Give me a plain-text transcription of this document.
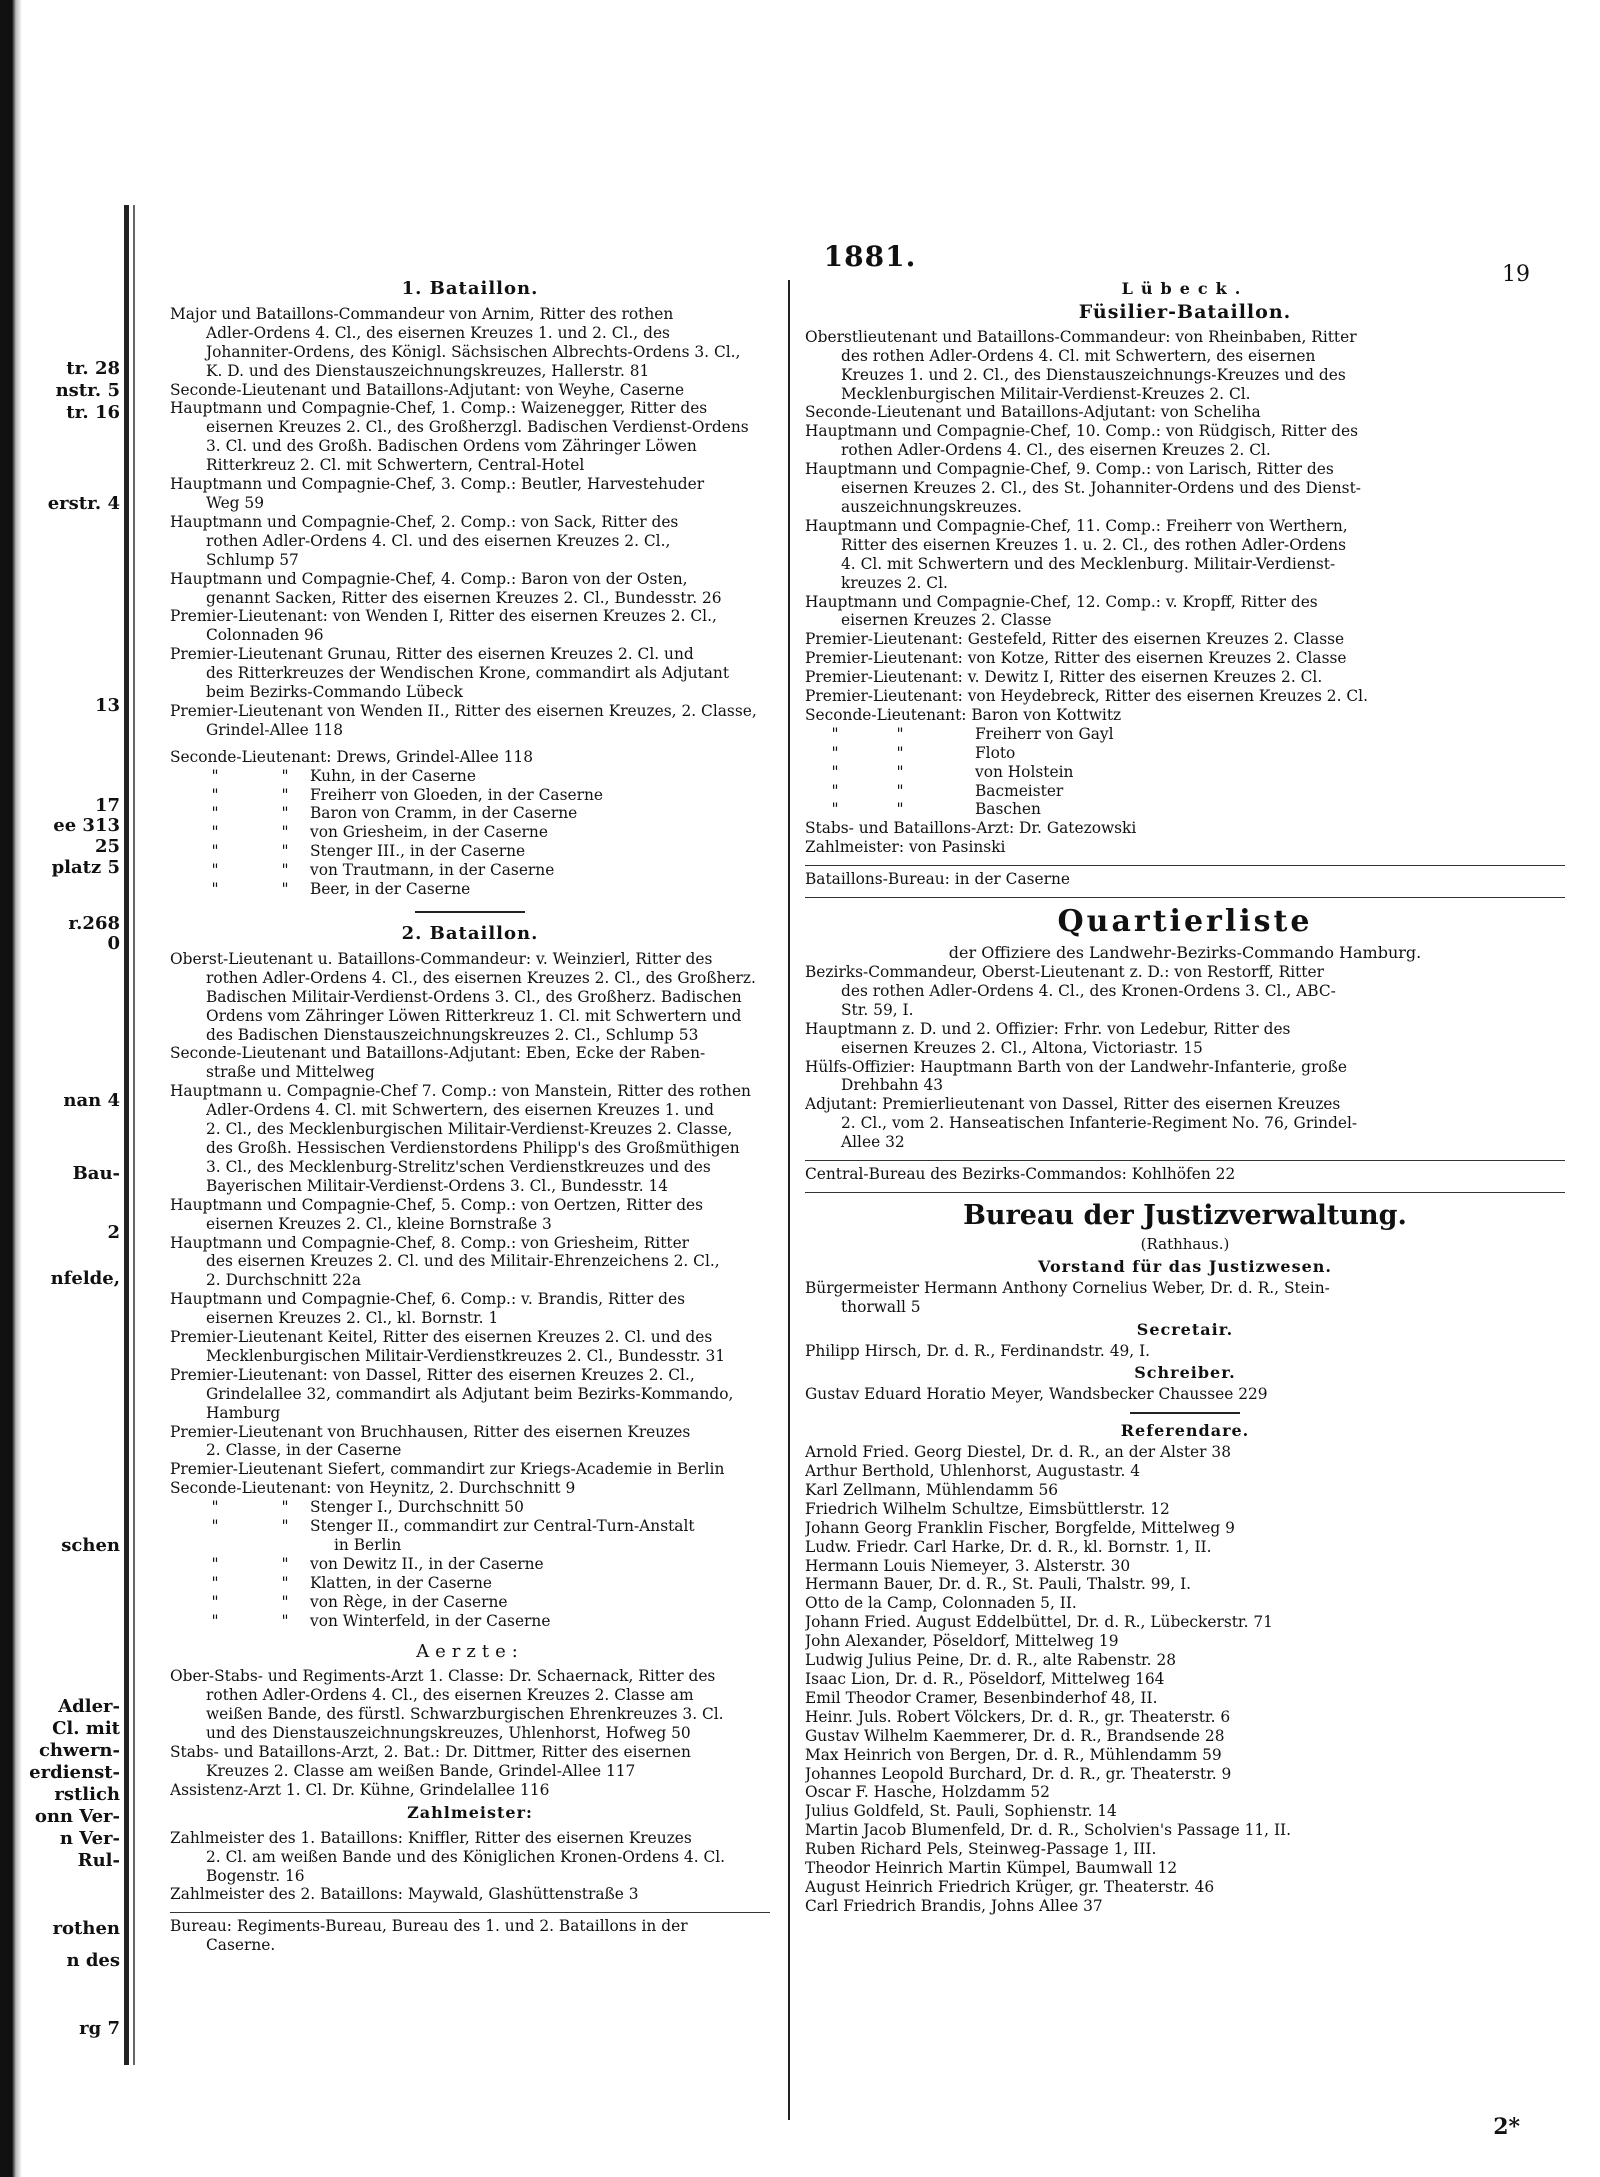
tr. 28
nstr. 5
tr. 16
erstr. 4
13
17
ee 313
25
platz 5
r.268
0
nan 4
Bau-
2
nfelde,
schen
Adler-
Cl. mit
chwern-
erdienst-
rstlich
onn Ver-
n Ver-
Rul-
rothen
n des
rg 7
1881.
19
1. Bataillon.
Major und Bataillons-Commandeur von Arnim, Ritter des rothen
Adler-Ordens 4. Cl., des eisernen Kreuzes 1. und 2. Cl., des
Johanniter-Ordens, des Königl. Sächsischen Albrechts-Ordens 3. Cl.,
K. D. und des Dienstauszeichnungskreuzes, Hallerstr. 81
Seconde-Lieutenant und Bataillons-Adjutant: von Weyhe, Caserne
Hauptmann und Compagnie-Chef, 1. Comp.: Waizenegger, Ritter des
eisernen Kreuzes 2. Cl., des Großherzgl. Badischen Verdienst-Ordens
3. Cl. und des Großh. Badischen Ordens vom Zähringer Löwen
Ritterkreuz 2. Cl. mit Schwertern, Central-Hotel
Hauptmann und Compagnie-Chef, 3. Comp.: Beutler, Harvestehuder
Weg 59
Hauptmann und Compagnie-Chef, 2. Comp.: von Sack, Ritter des
rothen Adler-Ordens 4. Cl. und des eisernen Kreuzes 2. Cl.,
Schlump 57
Hauptmann und Compagnie-Chef, 4. Comp.: Baron von der Osten,
genannt Sacken, Ritter des eisernen Kreuzes 2. Cl., Bundesstr. 26
Premier-Lieutenant: von Wenden I, Ritter des eisernen Kreuzes 2. Cl.,
Colonnaden 96
Premier-Lieutenant Grunau, Ritter des eisernen Kreuzes 2. Cl. und
des Ritterkreuzes der Wendischen Krone, commandirt als Adjutant
beim Bezirks-Commando Lübeck
Premier-Lieutenant von Wenden II., Ritter des eisernen Kreuzes, 2. Classe,
Grindel-Allee 118
Seconde-Lieutenant:
Drews, Grindel-Allee 118
"	"	Kuhn, in der Caserne
"	"	Freiherr von Gloeden, in der Caserne
"	"	Baron von Cramm, in der Caserne
"	"	von Griesheim, in der Caserne
"	"	Stenger III., in der Caserne
"	"	von Trautmann, in der Caserne
"	"	Beer, in der Caserne
2. Bataillon.
Oberst-Lieutenant u. Bataillons-Commandeur: v. Weinzierl, Ritter des
rothen Adler-Ordens 4. Cl., des eisernen Kreuzes 2. Cl., des Großherz.
Badischen Militair-Verdienst-Ordens 3. Cl., des Großherz. Badischen
Ordens vom Zähringer Löwen Ritterkreuz 1. Cl. mit Schwertern und
des Badischen Dienstauszeichnungskreuzes 2. Cl., Schlump 53
Seconde-Lieutenant und Bataillons-Adjutant: Eben, Ecke der Raben-
straße und Mittelweg
Hauptmann u. Compagnie-Chef 7. Comp.: von Manstein, Ritter des rothen
Adler-Ordens 4. Cl. mit Schwertern, des eisernen Kreuzes 1. und
2. Cl., des Mecklenburgischen Militair-Verdienst-Kreuzes 2. Classe,
des Großh. Hessischen Verdienstordens Philipp's des Großmüthigen
3. Cl., des Mecklenburg-Strelitz'schen Verdienstkreuzes und des
Bayerischen Militair-Verdienst-Ordens 3. Cl., Bundesstr. 14
Hauptmann und Compagnie-Chef, 5. Comp.: von Oertzen, Ritter des
eisernen Kreuzes 2. Cl., kleine Bornstraße 3
Hauptmann und Compagnie-Chef, 8. Comp.: von Griesheim, Ritter
des eisernen Kreuzes 2. Cl. und des Militair-Ehrenzeichens 2. Cl.,
2. Durchschnitt 22a
Hauptmann und Compagnie-Chef, 6. Comp.: v. Brandis, Ritter des
eisernen Kreuzes 2. Cl., kl. Bornstr. 1
Premier-Lieutenant Keitel, Ritter des eisernen Kreuzes 2. Cl. und des
Mecklenburgischen Militair-Verdienstkreuzes 2. Cl., Bundesstr. 31
Premier-Lieutenant: von Dassel, Ritter des eisernen Kreuzes 2. Cl.,
Grindelallee 32, commandirt als Adjutant beim Bezirks-Kommando,
Hamburg
Premier-Lieutenant von Bruchhausen, Ritter des eisernen Kreuzes
2. Classe, in der Caserne
Premier-Lieutenant Siefert, commandirt zur Kriegs-Academie in Berlin
Seconde-Lieutenant: von Heynitz, 2. Durchschnitt 9
"	"	Stenger I., Durchschnitt 50
"	"	Stenger II., commandirt zur Central-Turn-Anstalt
in Berlin
"	"	von Dewitz II., in der Caserne
"	"	Klatten, in der Caserne
"	"	von Rège, in der Caserne
"	"	von Winterfeld, in der Caserne
Aerzte:
Ober-Stabs- und Regiments-Arzt 1. Classe: Dr. Schaernack, Ritter des
rothen Adler-Ordens 4. Cl., des eisernen Kreuzes 2. Classe am
weißen Bande, des fürstl. Schwarzburgischen Ehrenkreuzes 3. Cl.
und des Dienstauszeichnungskreuzes, Uhlenhorst, Hofweg 50
Stabs- und Bataillons-Arzt, 2. Bat.: Dr. Dittmer, Ritter des eisernen
Kreuzes 2. Classe am weißen Bande, Grindel-Allee 117
Assistenz-Arzt 1. Cl. Dr. Kühne, Grindelallee 116
Zahlmeister:
Zahlmeister des 1. Bataillons: Kniffler, Ritter des eisernen Kreuzes
2. Cl. am weißen Bande und des Königlichen Kronen-Ordens 4. Cl.
Bogenstr. 16
Zahlmeister des 2. Bataillons: Maywald, Glashüttenstraße 3
Bureau: Regiments-Bureau, Bureau des 1. und 2. Bataillons in der
Caserne.
Lübeck.
Füsilier-Bataillon.
Oberstlieutenant und Bataillons-Commandeur: von Rheinbaben, Ritter
des rothen Adler-Ordens 4. Cl. mit Schwertern, des eisernen
Kreuzes 1. und 2. Cl., des Dienstauszeichnungs-Kreuzes und des
Mecklenburgischen Militair-Verdienst-Kreuzes 2. Cl.
Seconde-Lieutenant und Bataillons-Adjutant: von Scheliha
Hauptmann und Compagnie-Chef, 10. Comp.: von Rüdgisch, Ritter des
rothen Adler-Ordens 4. Cl., des eisernen Kreuzes 2. Cl.
Hauptmann und Compagnie-Chef, 9. Comp.: von Larisch, Ritter des
eisernen Kreuzes 2. Cl., des St. Johanniter-Ordens und des Dienst-
auszeichnungskreuzes.
Hauptmann und Compagnie-Chef, 11. Comp.: Freiherr von Werthern,
Ritter des eisernen Kreuzes 1. u. 2. Cl., des rothen Adler-Ordens
4. Cl. mit Schwertern und des Mecklenburg. Militair-Verdienst-
kreuzes 2. Cl.
Hauptmann und Compagnie-Chef, 12. Comp.: v. Kropff, Ritter des
eisernen Kreuzes 2. Classe
Premier-Lieutenant: Gestefeld, Ritter des eisernen Kreuzes 2. Classe
Premier-Lieutenant: von Kotze, Ritter des eisernen Kreuzes 2. Classe
Premier-Lieutenant: v. Dewitz I, Ritter des eisernen Kreuzes 2. Cl.
Premier-Lieutenant: von Heydebreck, Ritter des eisernen Kreuzes 2. Cl.
Seconde-Lieutenant: Baron von Kottwitz
"	"	Freiherr von Gayl
"	"	Floto
"	"	von Holstein
"	"	Bacmeister
"	"	Baschen
Stabs- und Bataillons-Arzt: Dr. Gatezowski
Zahlmeister: von Pasinski
Bataillons-Bureau: in der Caserne
Quartierliste
der Offiziere des Landwehr-Bezirks-Commando Hamburg.
Bezirks-Commandeur, Oberst-Lieutenant z. D.: von Restorff, Ritter
des rothen Adler-Ordens 4. Cl., des Kronen-Ordens 3. Cl., ABC-
Str. 59, I.
Hauptmann z. D. und 2. Offizier: Frhr. von Ledebur, Ritter des
eisernen Kreuzes 2. Cl., Altona, Victoriastr. 15
Hülfs-Offizier: Hauptmann Barth von der Landwehr-Infanterie, große
Drehbahn 43
Adjutant: Premierlieutenant von Dassel, Ritter des eisernen Kreuzes
2. Cl., vom 2. Hanseatischen Infanterie-Regiment No. 76, Grindel-
Allee 32
Central-Bureau des Bezirks-Commandos: Kohlhöfen 22
Bureau der Justizverwaltung.
(Rathhaus.)
Vorstand für das Justizwesen.
Bürgermeister Hermann Anthony Cornelius Weber, Dr. d. R., Stein-
thorwall 5
Secretair.
Philipp Hirsch, Dr. d. R., Ferdinandstr. 49, I.
Schreiber.
Gustav Eduard Horatio Meyer, Wandsbecker Chaussee 229
Referendare.
Arnold Fried. Georg Diestel, Dr. d. R., an der Alster 38
Arthur Berthold, Uhlenhorst, Augustastr. 4
Karl Zellmann, Mühlendamm 56
Friedrich Wilhelm Schultze, Eimsbüttlerstr. 12
Johann Georg Franklin Fischer, Borgfelde, Mittelweg 9
Ludw. Friedr. Carl Harke, Dr. d. R., kl. Bornstr. 1, II.
Hermann Louis Niemeyer, 3. Alsterstr. 30
Hermann Bauer, Dr. d. R., St. Pauli, Thalstr. 99, I.
Otto de la Camp, Colonnaden 5, II.
Johann Fried. August Eddelbüttel, Dr. d. R., Lübeckerstr. 71
John Alexander, Pöseldorf, Mittelweg 19
Ludwig Julius Peine, Dr. d. R., alte Rabenstr. 28
Isaac Lion, Dr. d. R., Pöseldorf, Mittelweg 164
Emil Theodor Cramer, Besenbinderhof 48, II.
Heinr. Juls. Robert Völckers, Dr. d. R., gr. Theaterstr. 6
Gustav Wilhelm Kaemmerer, Dr. d. R., Brandsende 28
Max Heinrich von Bergen, Dr. d. R., Mühlendamm 59
Johannes Leopold Burchard, Dr. d. R., gr. Theaterstr. 9
Oscar F. Hasche, Holzdamm 52
Julius Goldfeld, St. Pauli, Sophienstr. 14
Martin Jacob Blumenfeld, Dr. d. R., Scholvien's Passage 11, II.
Ruben Richard Pels, Steinweg-Passage 1, III.
Theodor Heinrich Martin Kümpel, Baumwall 12
August Heinrich Friedrich Krüger, gr. Theaterstr. 46
Carl Friedrich Brandis, Johns Allee 37
2*
